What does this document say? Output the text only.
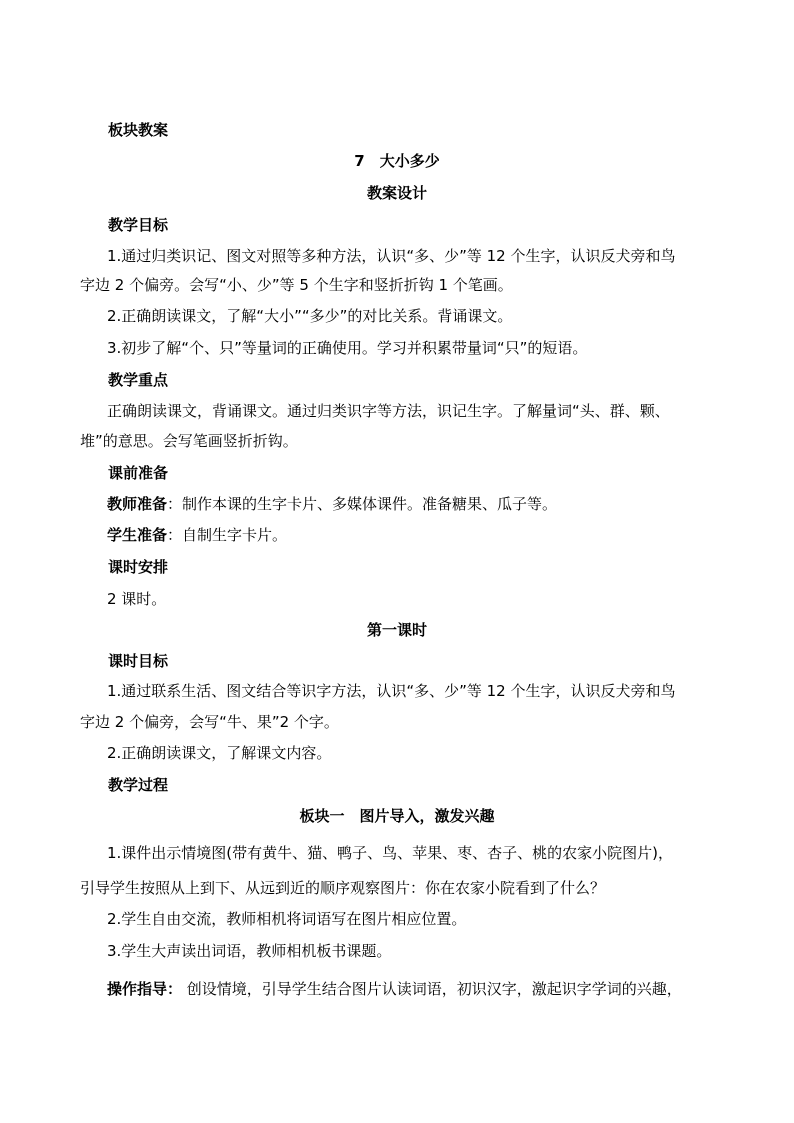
板块教案
7　大小多少
教案设计
教学目标
1.通过归类识记、图文对照等多种方法，认识“多、少”等 12 个生字，认识反犬旁和鸟
字边 2 个偏旁。会写“小、少”等 5 个生字和竖折折钩 1 个笔画。
2.正确朗读课文，了解“大小”“多少”的对比关系。背诵课文。
3.初步了解“个、只”等量词的正确使用。学习并积累带量词“只”的短语。
教学重点
正确朗读课文，背诵课文。通过归类识字等方法，识记生字。了解量词“头、群、颗、
堆”的意思。会写笔画竖折折钩。
课前准备
教师准备：制作本课的生字卡片、多媒体课件。准备糖果、瓜子等。
学生准备：自制生字卡片。
课时安排
2 课时。
第一课时
课时目标
1.通过联系生活、图文结合等识字方法，认识“多、少”等 12 个生字，认识反犬旁和鸟
字边 2 个偏旁，会写“牛、果”2 个字。
2.正确朗读课文，了解课文内容。
教学过程
板块一　图片导入，激发兴趣
1.课件出示情境图(带有黄牛、猫、鸭子、鸟、苹果、枣、杏子、桃的农家小院图片)，
引导学生按照从上到下、从远到近的顺序观察图片：你在农家小院看到了什么？
2.学生自由交流，教师相机将词语写在图片相应位置。
3.学生大声读出词语，教师相机板书课题。
操作指导： 创设情境，引导学生结合图片认读词语，初识汉字，激起识字学词的兴趣，
